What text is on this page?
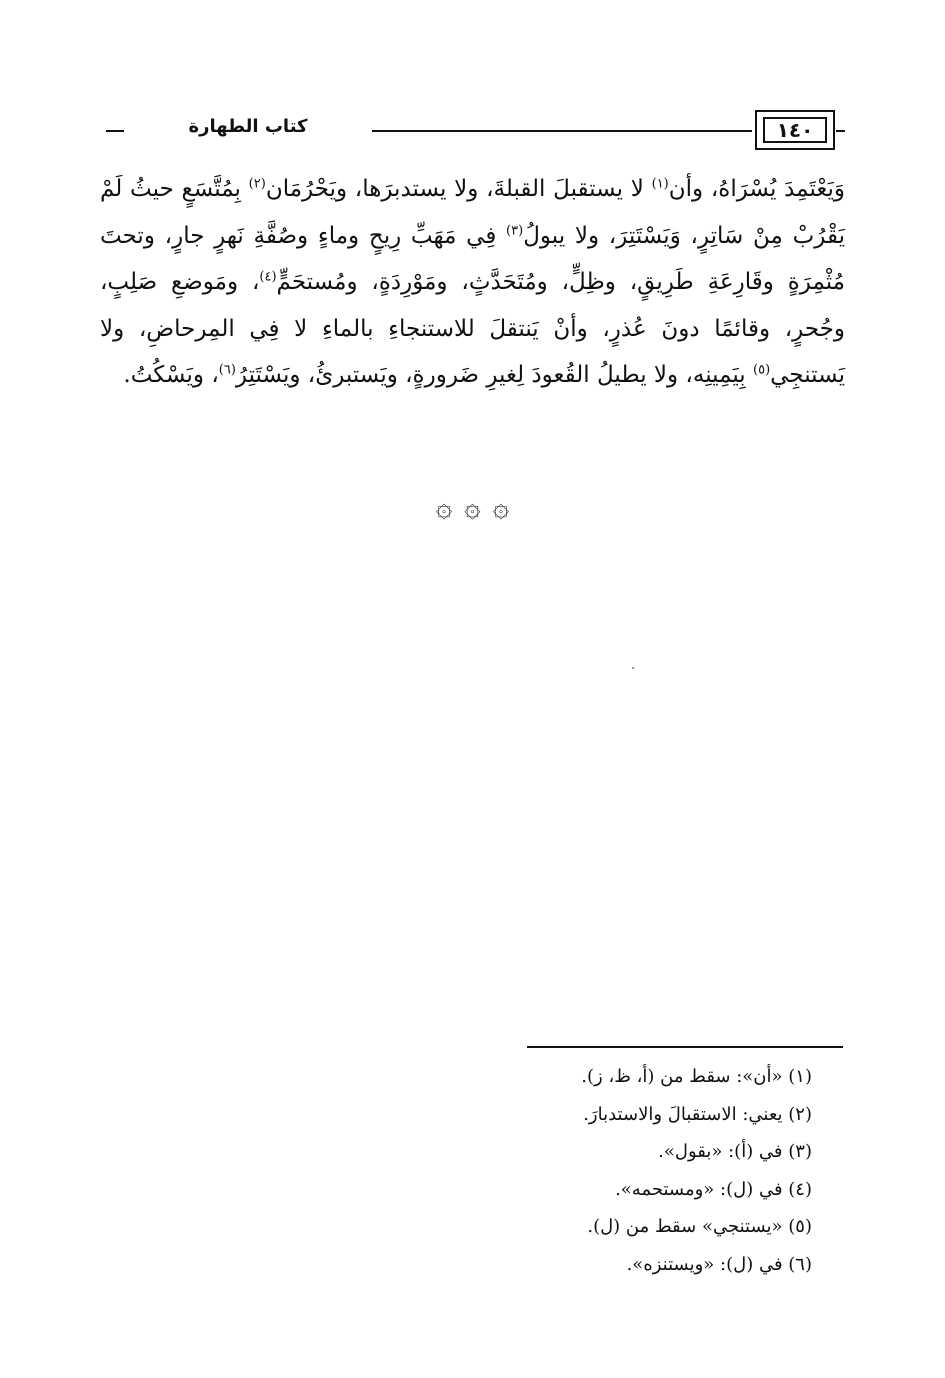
١٤٠
كتاب الطهارة
وَيَعْتَمِدَ يُسْرَاهُ، وأن$^{(١)}$ لا يستقبلَ القبلةَ، ولا يستدبرَها، ويَحْرُمَان$^{(٢)}$ بِمُتَّسَعٍ حيثُ لَمْ يَقْرُبْ مِنْ سَاتِرٍ، وَيَسْتَتِرَ، ولا يبولُ$^{(٣)}$ فِي مَهَبِّ رِيحٍ وماءٍ وصُفَّةِ نَهرٍ جارٍ، وتحتَ مُثْمِرَةٍ وقَارِعَةِ طَرِيقٍ، وظِلٍّ، ومُتَحَدَّثٍ، ومَوْرِدَةٍ، ومُستحَمٍّ$^{(٤)}$، ومَوضعِ صَلِبٍ، وجُحرٍ، وقائمًا دونَ عُذرٍ، وأنْ يَنتقلَ للاستنجاءِ بالماءِ لا فِي المِرحاضِ، ولا يَستنجِي$^{(٥)}$ بِيَمِينِه، ولا يطيلُ القُعودَ لِغيرِ ضَرورةٍ، ويَستبرئُ، ويَسْتَتِرُ$^{(٦)}$، ويَسْكُتُ.
۞ ۞ ۞
(١) «أن»: سقط من (أ، ظ، ز).
(٢) يعني: الاستقبالَ والاستدبارَ.
(٣) في (أ): «بقول».
(٤) في (ل): «ومستحمه».
(٥) «يستنجي» سقط من (ل).
(٦) في (ل): «ويستنزه».
